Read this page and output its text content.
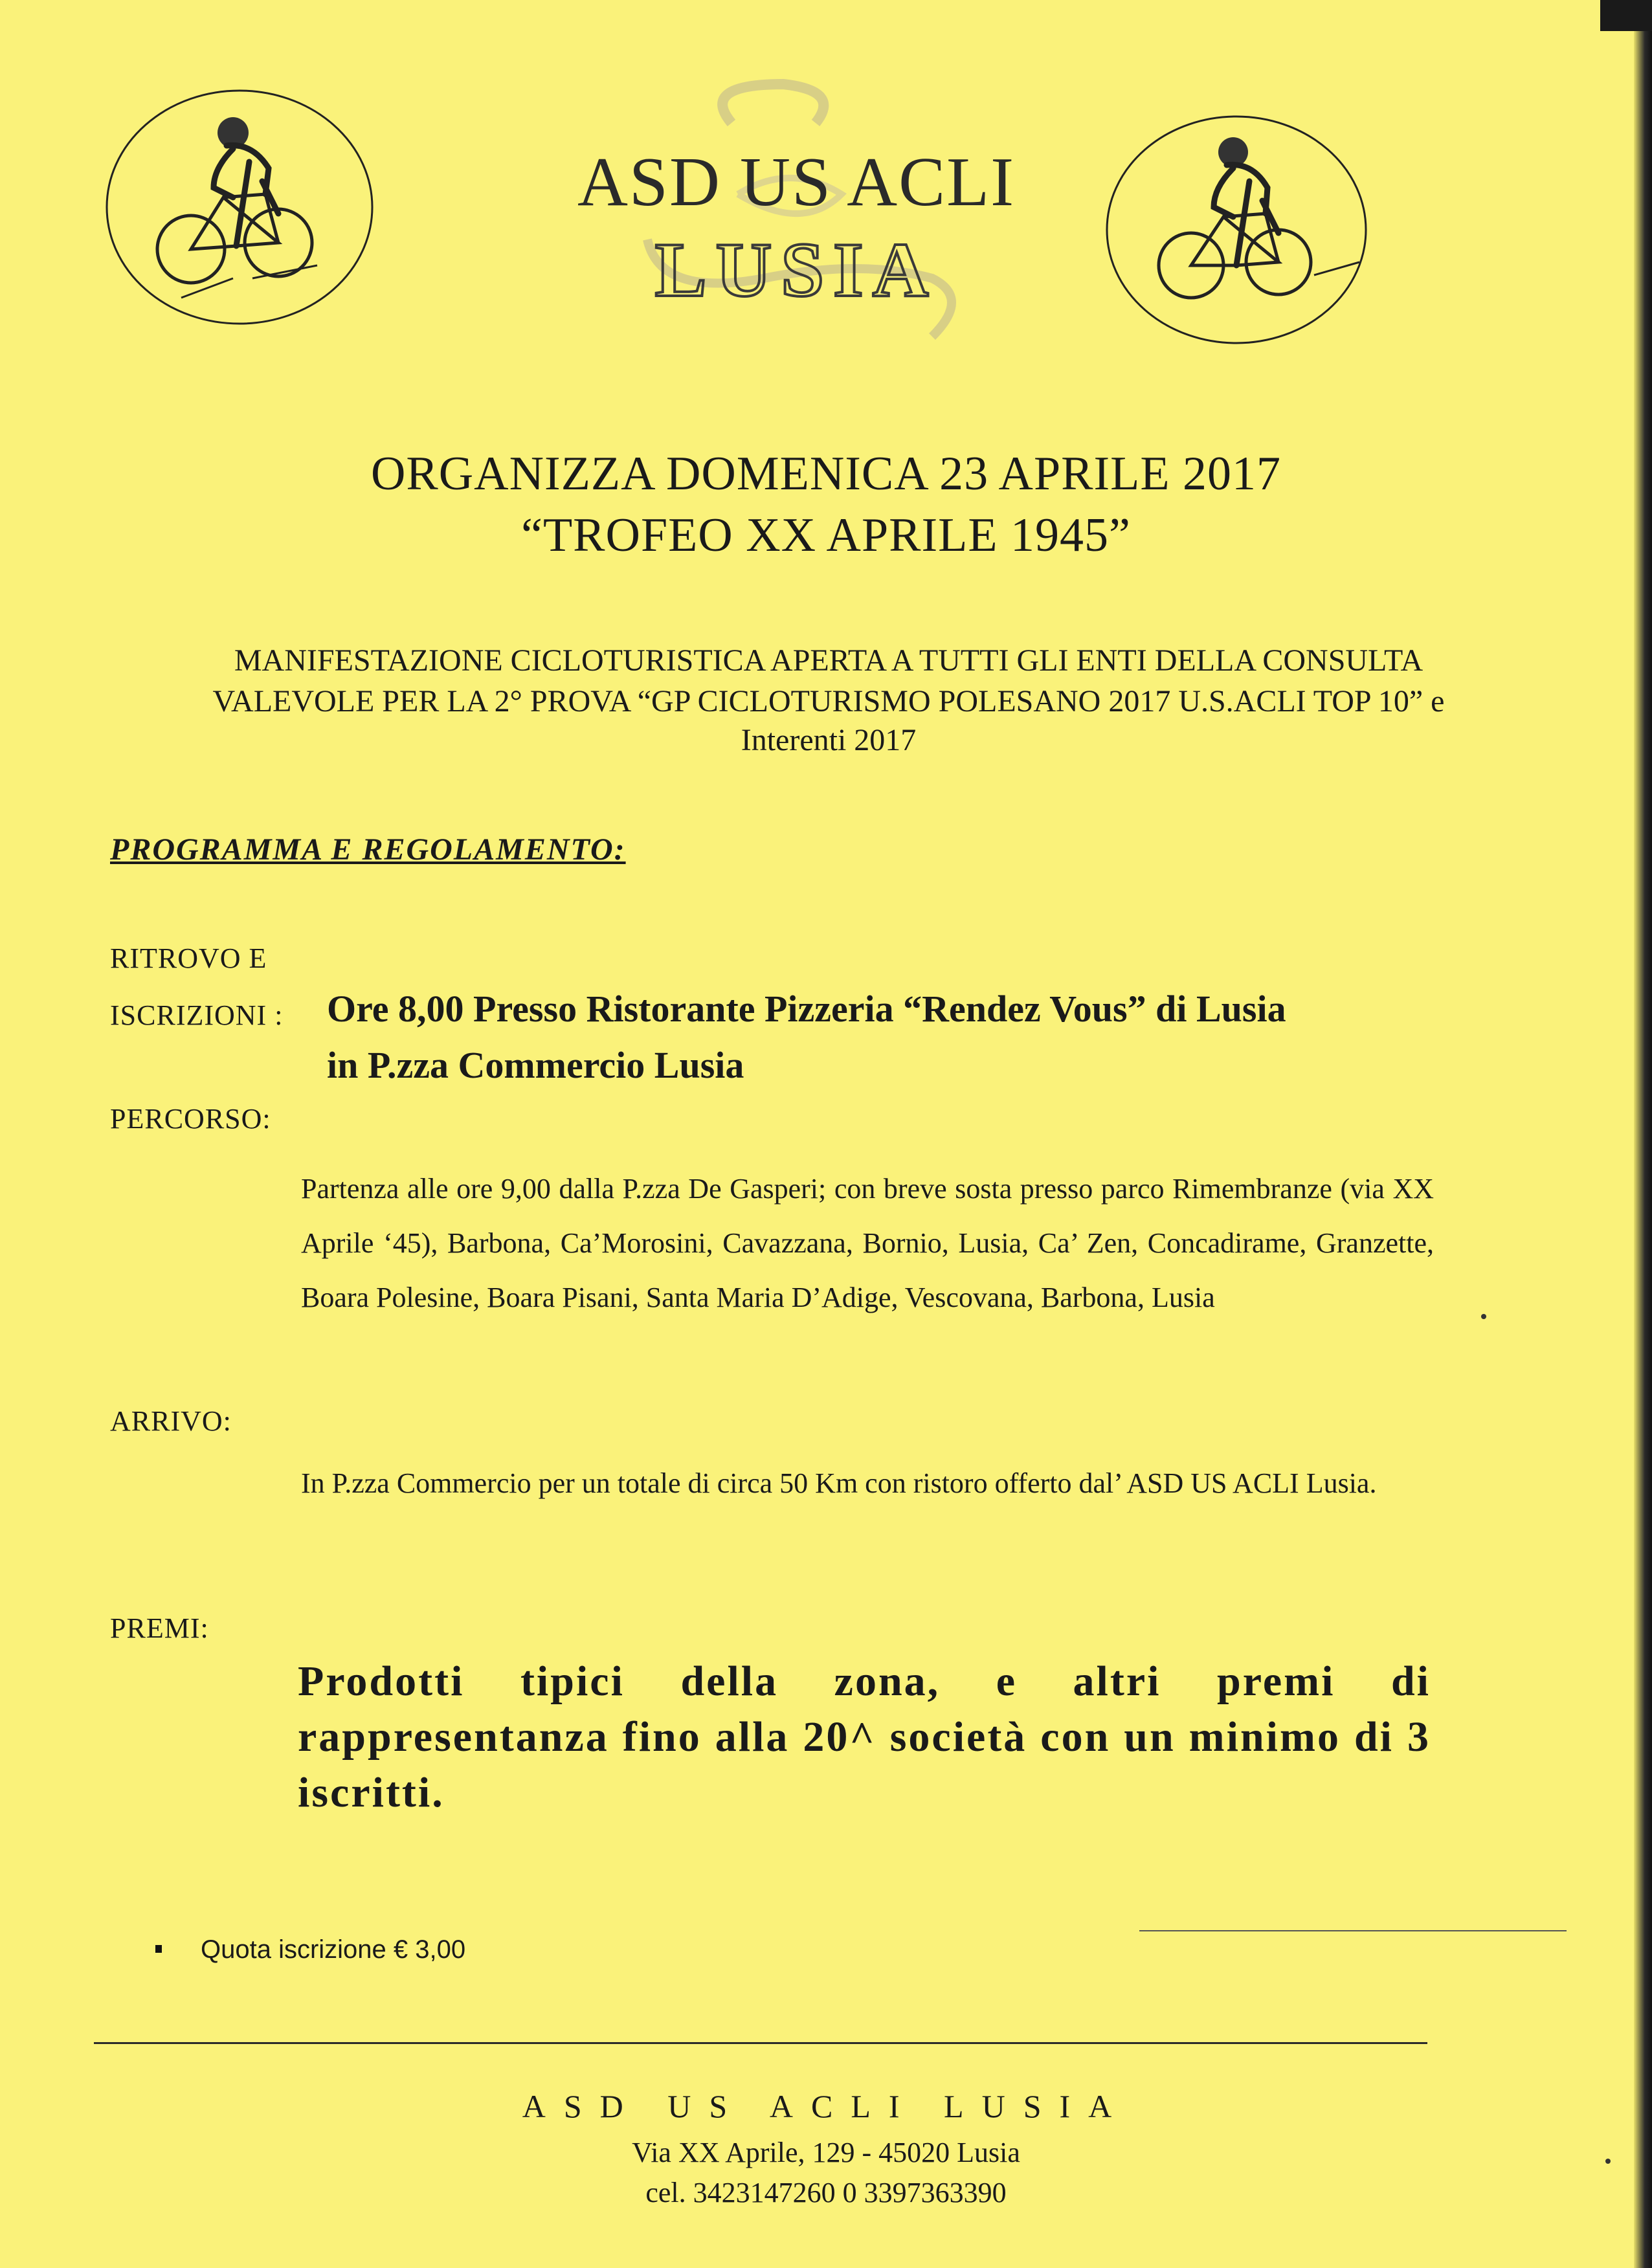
ASD US ACLI
LUSIA
ORGANIZZA DOMENICA 23 APRILE 2017
“TROFEO XX APRILE 1945”
MANIFESTAZIONE CICLOTURISTICA APERTA A TUTTI GLI ENTI DELLA CONSULTA
VALEVOLE PER LA 2° PROVA “GP CICLOTURISMO POLESANO 2017 U.S.ACLI TOP 10” e
Interenti 2017
PROGRAMMA E REGOLAMENTO:
RITROVO E
ISCRIZIONI : Ore 8,00 Presso Ristorante Pizzeria “Rendez Vous” di Lusia
in P.zza Commercio Lusia
PERCORSO:
Partenza alle ore 9,00 dalla P.zza De Gasperi; con breve sosta presso parco Rimembranze (via XX Aprile ‘45), Barbona, Ca’Morosini, Cavazzana, Bornio, Lusia, Ca’ Zen, Concadirame, Granzette, Boara Polesine, Boara Pisani, Santa Maria D’Adige, Vescovana, Barbona, Lusia
ARRIVO:
In P.zza Commercio per un totale di circa 50 Km con ristoro offerto dal’ ASD US ACLI Lusia.
PREMI:
Prodotti tipici della zona, e altri premi di rappresentanza fino alla 20^ società con un minimo di 3 iscritti.
Quota iscrizione € 3,00
ASD US ACLI LUSIA
Via XX Aprile, 129 - 45020 Lusia
cel. 3423147260 0 3397363390
